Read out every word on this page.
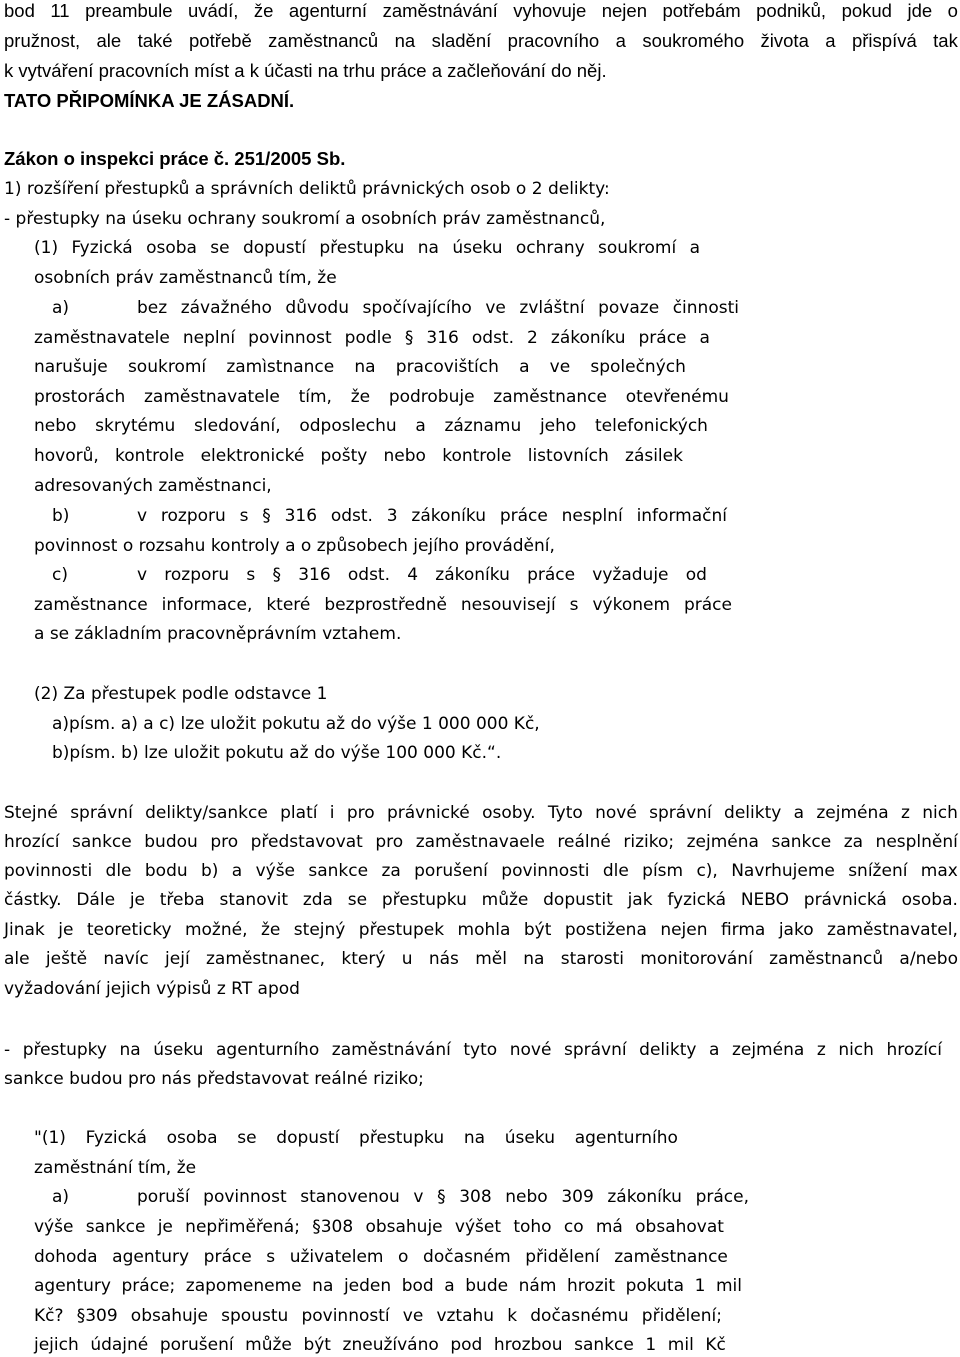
bod 11 preambule uvádí, že agenturní zaměstnávání vyhovuje nejen potřebám podniků, pokud jde o
pružnost, ale také potřebě zaměstnanců na sladění pracovního a soukromého života a přispívá tak
k vytváření pracovních míst a k účasti na trhu práce a začleňování do něj.
TATO PŘIPOMÍNKA JE ZÁSADNÍ.
Zákon o inspekci práce č. 251/2005 Sb.
1) rozšíření přestupků a správních deliktů právnických osob o 2 delikty:
- přestupky na úseku ochrany soukromí a osobních práv zaměstnanců,
(1) Fyzická osoba se dopustí přestupku na úseku ochrany soukromí a
osobních práv zaměstnanců tím, že
a)	bez závažného důvodu spočívajícího ve zvláštní povaze činnosti
zaměstnavatele neplní povinnost podle § 316 odst. 2 zákoníku práce a
narušuje soukromí zamìstnance na pracovištích a ve společných
prostorách zaměstnavatele tím, že podrobuje zaměstnance otevřenému
nebo skrytému sledování, odposlechu a záznamu jeho telefonických
hovorů, kontrole elektronické pošty nebo kontrole listovních zásilek
adresovaných zaměstnanci,
b)	v rozporu s § 316 odst. 3 zákoníku práce nesplní informační
povinnost o rozsahu kontroly a o způsobech jejího provádění,
c)	v rozporu s § 316 odst. 4 zákoníku práce vyžaduje od
zaměstnance informace, které bezprostředně nesouvisejí s výkonem práce
a se základním pracovněprávním vztahem.
(2) Za přestupek podle odstavce 1
a)písm. a) a c) lze uložit pokutu až do výše 1 000 000 Kč,
b)písm. b) lze uložit pokutu až do výše 100 000 Kč.“.
Stejné správní delikty/sankce platí i pro právnické osoby. Tyto nové správní delikty a zejména z nich
hrozící sankce budou pro představovat pro zaměstnavaele reálné riziko; zejména sankce za nesplnění
povinnosti dle bodu b) a výše sankce za porušení povinnosti dle písm c), Navrhujeme snížení max
částky. Dále je třeba stanovit zda se přestupku může dopustit jak fyzická NEBO právnická osoba.
Jinak je teoreticky možné, že stejný přestupek mohla být postižena nejen firma jako zaměstnavatel,
ale ještě navíc její zaměstnanec, který u nás měl na starosti monitorování zaměstnanců a/nebo
vyžadování jejich výpisů z RT apod
- přestupky na úseku agenturního zaměstnávání tyto nové správní delikty a zejména z nich hrozící
sankce budou pro nás představovat reálné riziko;
"(1) Fyzická osoba se dopustí přestupku na úseku agenturního
zaměstnání tím, že
a)	poruší povinnost stanovenou v § 308 nebo 309 zákoníku práce,
výše sankce je nepřiměřená; §308 obsahuje výšet toho co má obsahovat
dohoda agentury práce s uživatelem o dočasném přidělení zaměstnance
agentury práce; zapomeneme na jeden bod a bude nám hrozit pokuta 1 mil
Kč? §309 obsahuje spoustu povinností ve vztahu k dočasnému přidělení;
jejich údajné porušení může být zneužíváno pod hrozbou sankce 1 mil Kč
